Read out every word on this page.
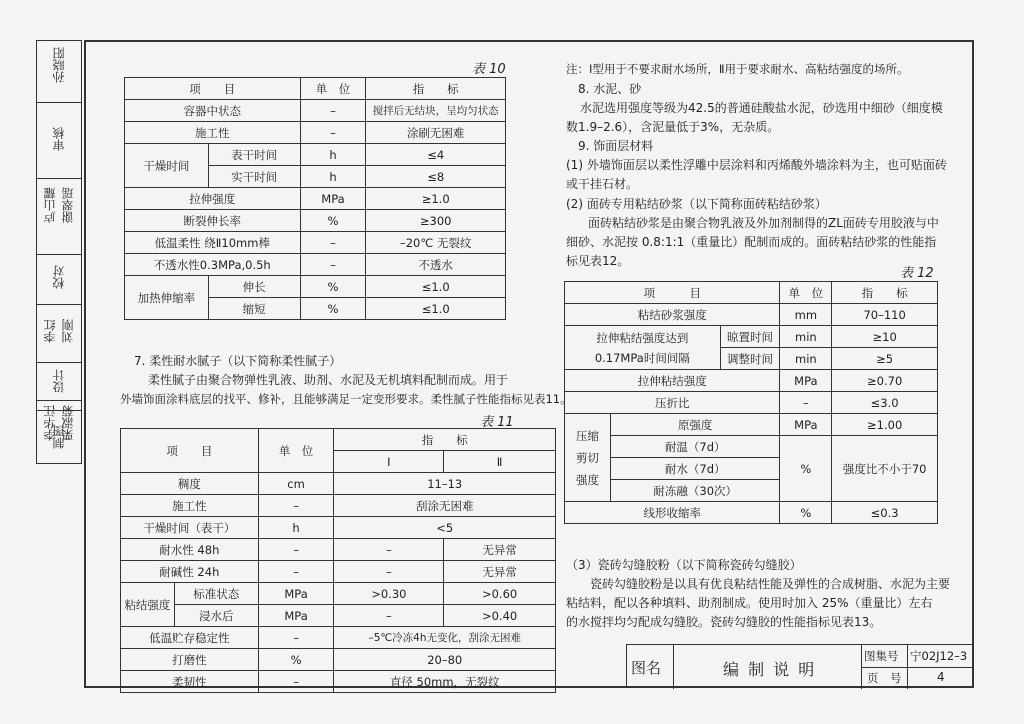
孙晓阳
审核
庐山耀 谢翠瑶
校对
李红 刘刚
设计
李华江 栗淑菊
制图
表 10
项　　目		单　位	指　　标
容器中状态		–	搅拌后无结块，呈均匀状态
施工性		–	涂刷无困难
干燥时间	表干时间	h	≤4
	实干时间	h	≤8
拉伸强度		MPa	≥1.0
断裂伸长率		%	≥300
低温柔性 绕Ⅱ10mm棒		–	–20℃ 无裂纹
不透水性0.3MPa,0.5h		–	不透水
加热伸缩率	伸长	%	≤1.0
	缩短	%	≤1.0
7. 柔性耐水腻子（以下简称柔性腻子）
柔性腻子由聚合物弹性乳液、助剂、水泥及无机填料配制而成。用于
外墙饰面涂料底层的找平、修补，且能够满足一定变形要求。柔性腻子性能指标见表11。
表 11
项　　目		单　位	指　　标	
			Ⅰ	Ⅱ
稠度		cm	11–13	
施工性		–	刮涂无困难	
干燥时间（表干）		h	<5	
耐水性 48h		–	–	无异常
耐碱性 24h		–	–	无异常
粘结强度	标准状态	MPa	>0.30	>0.60
	浸水后	MPa	–	>0.40
低温贮存稳定性		–	–5℃冷冻4h无变化，刮涂无困难	
打磨性		%	20–80	
柔韧性		–	直径 50mm，无裂纹	
注：Ⅰ型用于不要求耐水场所，Ⅱ用于要求耐水、高粘结强度的场所。
8. 水泥、砂
水泥选用强度等级为42.5的普通硅酸盐水泥，砂选用中细砂（细度模
数1.9–2.6），含泥量低于3%，无杂质。
9. 饰面层材料
(1) 外墙饰面层以柔性浮雕中层涂料和丙烯酸外墙涂料为主，也可贴面砖
或干挂石材。
(2) 面砖专用粘结砂浆（以下简称面砖粘结砂浆）
面砖粘结砂浆是由聚合物乳液及外加剂制得的ZL面砖专用胶液与中
细砂、水泥按 0.8:1:1（重量比）配制而成的。面砖粘结砂浆的性能指
标见表12。
表 12
项　　　目			单　位	指　　标
粘结砂浆强度			mm	70–110
拉伸粘结强度达到 0.17MPa时间间隔		晾置时间	min	≥10
		调整时间	min	≥5
拉伸粘结强度			MPa	≥0.70
压折比			–	≤3.0
压缩剪切强度	原强度		MPa	≥1.00
	耐温（7d）		%	强度比不小于70
	耐水（7d）			
	耐冻融（30次）			
线形收缩率			%	≤0.3
（3）瓷砖勾缝胶粉（以下简称瓷砖勾缝胶）
瓷砖勾缝胶粉是以具有优良粘结性能及弹性的合成树脂、水泥为主要
粘结料，配以各种填料、助剂制成。使用时加入 25%（重量比）左右
的水搅拌均匀配成勾缝胶。瓷砖勾缝胶的性能指标见表13。
图名	编 制 说 明
图集号 宁02J12–3
页　号	4
